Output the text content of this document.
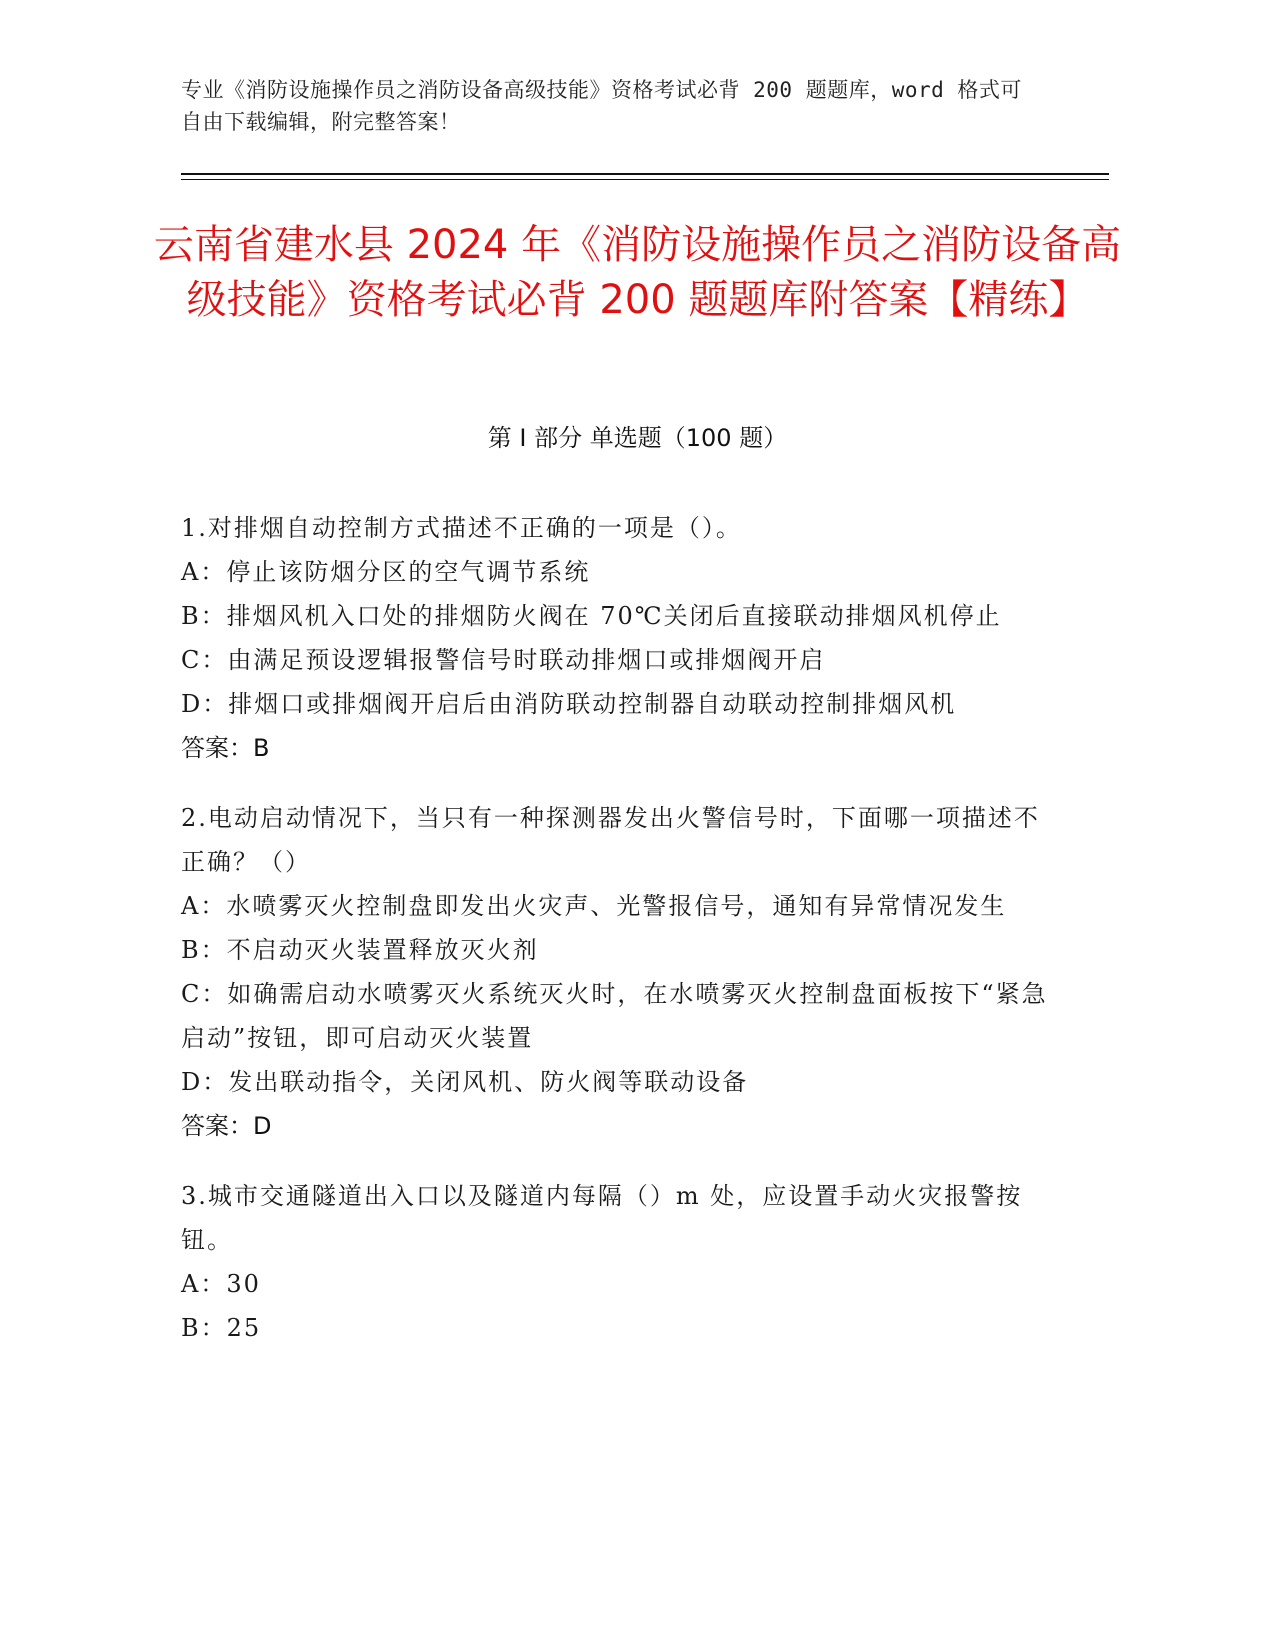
专业《消防设施操作员之消防设备高级技能》资格考试必背 200 题题库，word 格式可自由下载编辑，附完整答案！
云南省建水县 2024 年《消防设施操作员之消防设备高级技能》资格考试必背 200 题题库附答案【精练】
第 I 部分 单选题（100 题）
1.对排烟自动控制方式描述不正确的一项是（）。
A：停止该防烟分区的空气调节系统
B：排烟风机入口处的排烟防火阀在 70℃关闭后直接联动排烟风机停止
C：由满足预设逻辑报警信号时联动排烟口或排烟阀开启
D：排烟口或排烟阀开启后由消防联动控制器自动联动控制排烟风机
答案：B
2.电动启动情况下，当只有一种探测器发出火警信号时，下面哪一项描述不正确？（）
A：水喷雾灭火控制盘即发出火灾声、光警报信号，通知有异常情况发生
B：不启动灭火装置释放灭火剂
C：如确需启动水喷雾灭火系统灭火时，在水喷雾灭火控制盘面板按下“紧急启动”按钮，即可启动灭火装置
D：发出联动指令，关闭风机、防火阀等联动设备
答案：D
3.城市交通隧道出入口以及隧道内每隔（）m 处，应设置手动火灾报警按钮。
A：30
B：25
